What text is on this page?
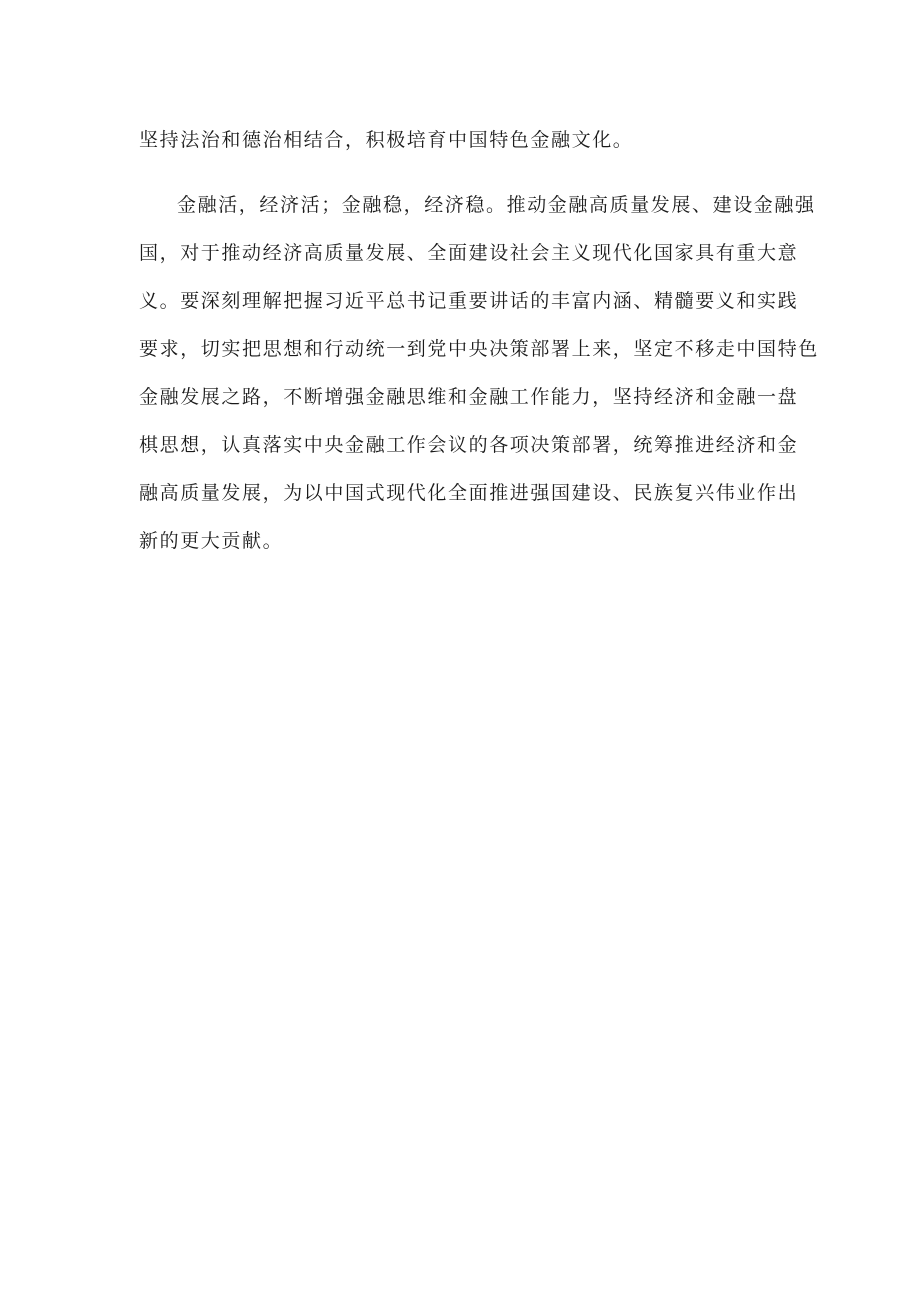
坚持法治和德治相结合，积极培育中国特色金融文化。
金融活，经济活；金融稳，经济稳。推动金融高质量发展、建设金融强
国，对于推动经济高质量发展、全面建设社会主义现代化国家具有重大意
义。要深刻理解把握习近平总书记重要讲话的丰富内涵、精髓要义和实践
要求，切实把思想和行动统一到党中央决策部署上来，坚定不移走中国特色
金融发展之路，不断增强金融思维和金融工作能力，坚持经济和金融一盘
棋思想，认真落实中央金融工作会议的各项决策部署，统筹推进经济和金
融高质量发展，为以中国式现代化全面推进强国建设、民族复兴伟业作出
新的更大贡献。
